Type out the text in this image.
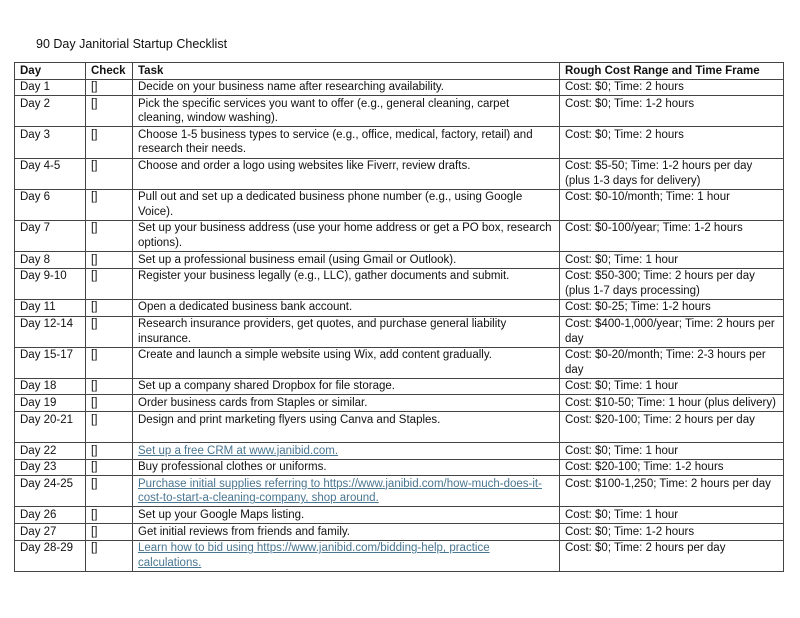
90 Day Janitorial Startup Checklist
Day	Check	Task	Rough Cost Range and Time Frame
Day 1	[]	Decide on your business name after researching availability.	Cost: $0; Time: 2 hours
Day 2	[]	Pick the specific services you want to offer (e.g., general cleaning, carpet cleaning, window washing).	Cost: $0; Time: 1-2 hours
Day 3	[]	Choose 1-5 business types to service (e.g., office, medical, factory, retail) and research their needs.	Cost: $0; Time: 2 hours
Day 4-5	[]	Choose and order a logo using websites like Fiverr, review drafts.	Cost: $5-50; Time: 1-2 hours per day (plus 1-3 days for delivery)
Day 6	[]	Pull out and set up a dedicated business phone number (e.g., using Google Voice).	Cost: $0-10/month; Time: 1 hour
Day 7	[]	Set up your business address (use your home address or get a PO box, research options).	Cost: $0-100/year; Time: 1-2 hours
Day 8	[]	Set up a professional business email (using Gmail or Outlook).	Cost: $0; Time: 1 hour
Day 9-10	[]	Register your business legally (e.g., LLC), gather documents and submit.	Cost: $50-300; Time: 2 hours per day (plus 1-7 days processing)
Day 11	[]	Open a dedicated business bank account.	Cost: $0-25; Time: 1-2 hours
Day 12-14	[]	Research insurance providers, get quotes, and purchase general liability insurance.	Cost: $400-1,000/year; Time: 2 hours per day
Day 15-17	[]	Create and launch a simple website using Wix, add content gradually.	Cost: $0-20/month; Time: 2-3 hours per day
Day 18	[]	Set up a company shared Dropbox for file storage.	Cost: $0; Time: 1 hour
Day 19	[]	Order business cards from Staples or similar.	Cost: $10-50; Time: 1 hour (plus delivery)
Day 20-21	[]	Design and print marketing flyers using Canva and Staples.	Cost: $20-100; Time: 2 hours per day
Day 22	[]	Set up a free CRM at www.janibid.com.	Cost: $0; Time: 1 hour
Day 23	[]	Buy professional clothes or uniforms.	Cost: $20-100; Time: 1-2 hours
Day 24-25	[]	Purchase initial supplies referring to https://www.janibid.com/how-much-does-it-cost-to-start-a-cleaning-company, shop around.	Cost: $100-1,250; Time: 2 hours per day
Day 26	[]	Set up your Google Maps listing.	Cost: $0; Time: 1 hour
Day 27	[]	Get initial reviews from friends and family.	Cost: $0; Time: 1-2 hours
Day 28-29	[]	Learn how to bid using https://www.janibid.com/bidding-help, practice calculations.	Cost: $0; Time: 2 hours per day
